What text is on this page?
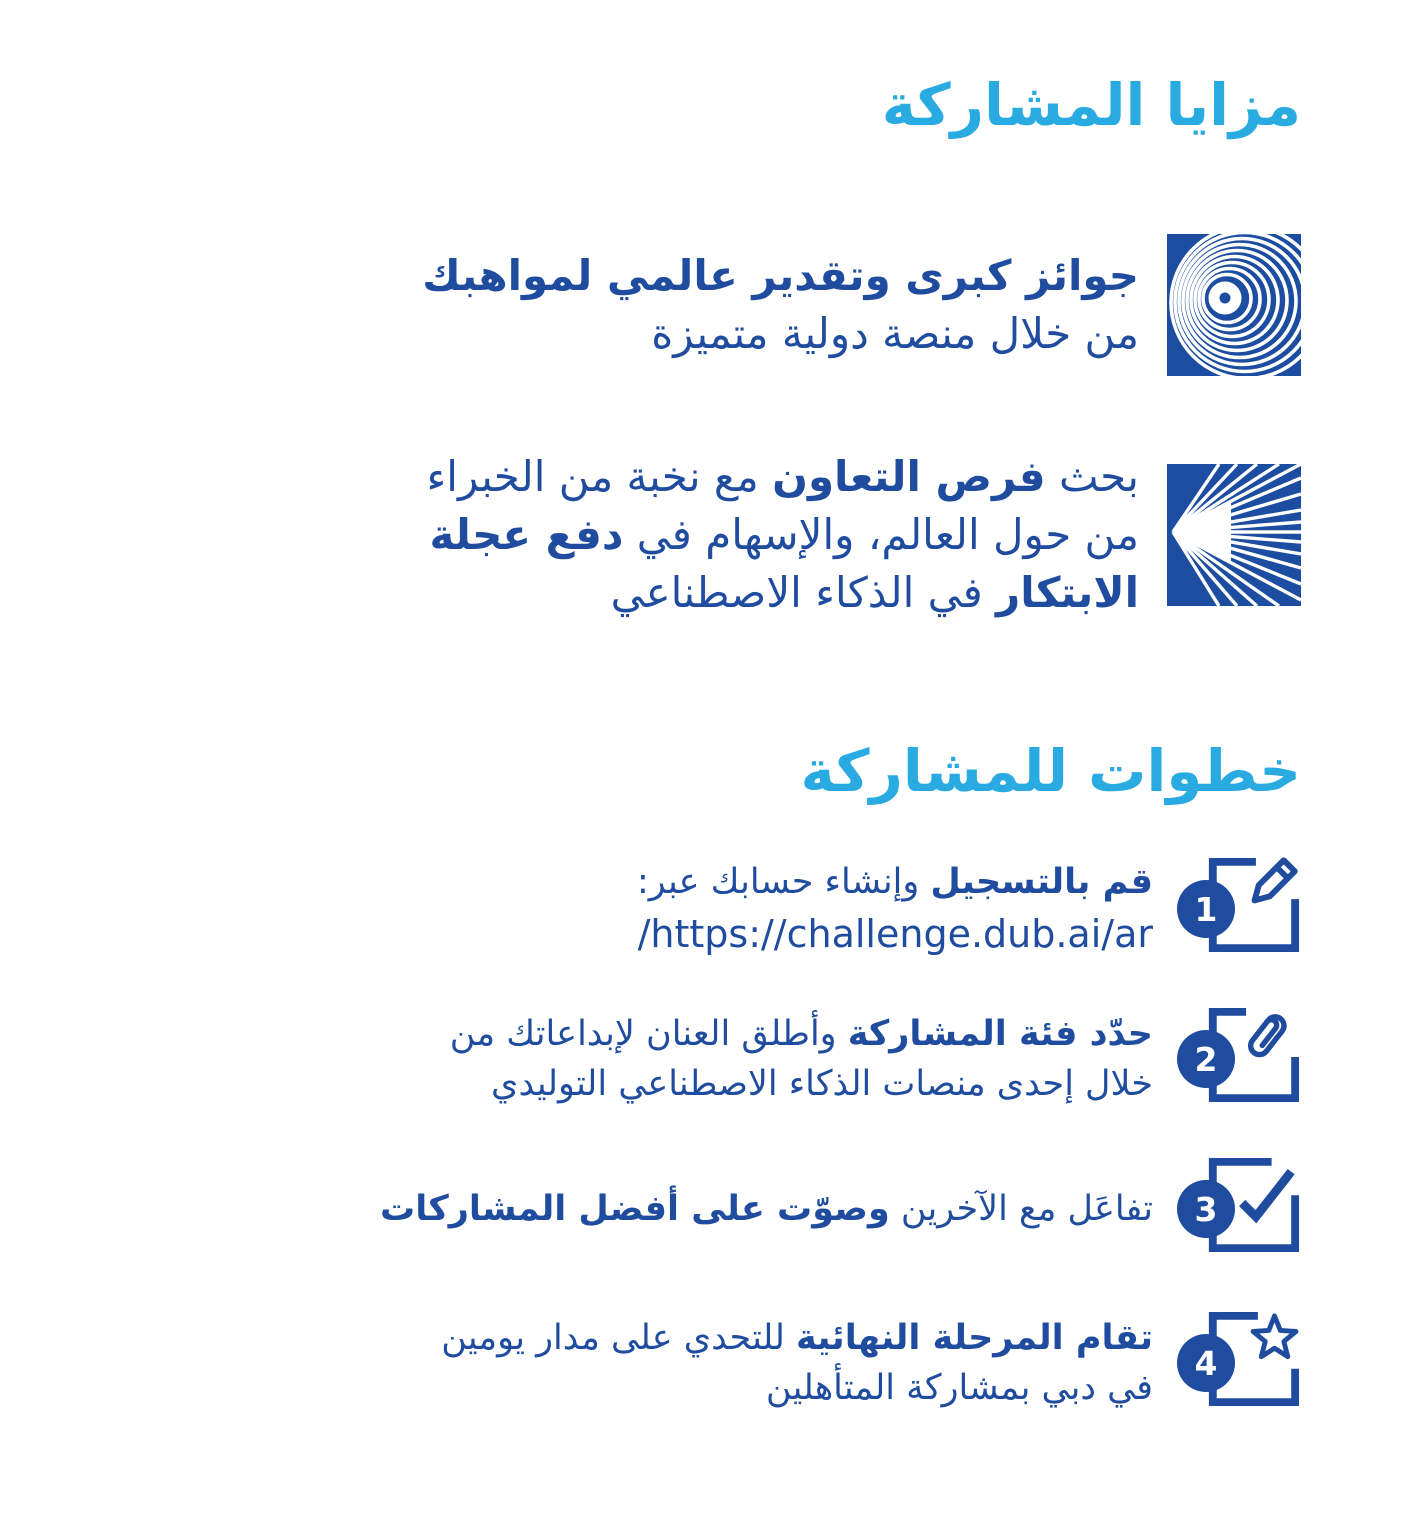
مزايا المشاركة
جوائز كبرى وتقدير عالمي لمواهبك
من خلال منصة دولية متميزة
بحث فرص التعاون مع نخبة من الخبراء
من حول العالم، والإسهام في دفع عجلة
الابتكار في الذكاء الاصطناعي
خطوات للمشاركة
1
قم بالتسجيل وإنشاء حسابك عبر:
/https://challenge.dub.ai/ar
2
حدّد فئة المشاركة وأطلق العنان لإبداعاتك من
خلال إحدى منصات الذكاء الاصطناعي التوليدي
3
تفاعَل مع الآخرين وصوّت على أفضل المشاركات
4
تقام المرحلة النهائية للتحدي على مدار يومين
في دبي بمشاركة المتأهلين
